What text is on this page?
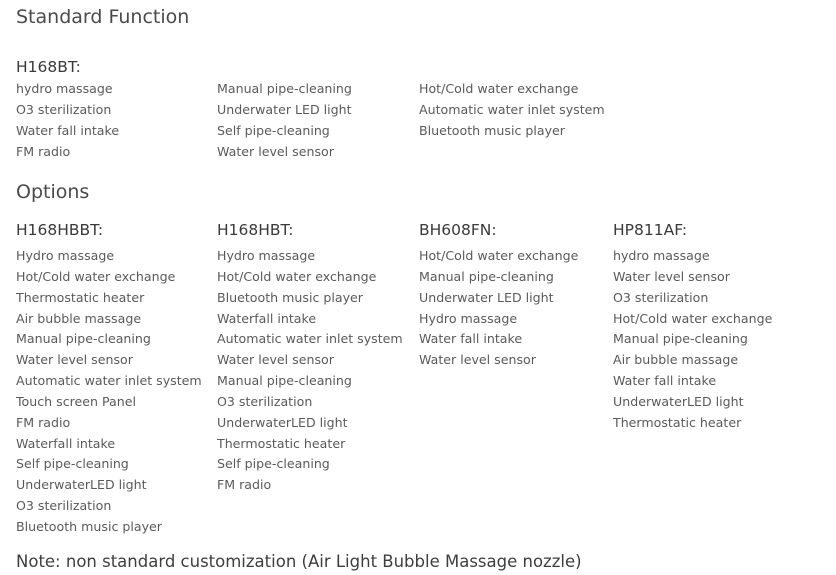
Standard Function
H168BT:
hydro massage
O3 sterilization
Water fall intake
FM radio
Manual pipe-cleaning
Underwater LED light
Self pipe-cleaning
Water level sensor
Hot/Cold water exchange
Automatic water inlet system
Bluetooth music player
Options
H168HBBT:
Hydro massage
Hot/Cold water exchange
Thermostatic heater
Air bubble massage
Manual pipe-cleaning
Water level sensor
Automatic water inlet system
Touch screen Panel
FM radio
Waterfall intake
Self pipe-cleaning
UnderwaterLED light
O3 sterilization
Bluetooth music player
H168HBT:
Hydro massage
Hot/Cold water exchange
Bluetooth music player
Waterfall intake
Automatic water inlet system
Water level sensor
Manual pipe-cleaning
O3 sterilization
UnderwaterLED light
Thermostatic heater
Self pipe-cleaning
FM radio
BH608FN:
Hot/Cold water exchange
Manual pipe-cleaning
Underwater LED light
Hydro massage
Water fall intake
Water level sensor
HP811AF:
hydro massage
Water level sensor
O3 sterilization
Hot/Cold water exchange
Manual pipe-cleaning
Air bubble massage
Water fall intake
UnderwaterLED light
Thermostatic heater
Note: non standard customization (Air Light Bubble Massage nozzle)
